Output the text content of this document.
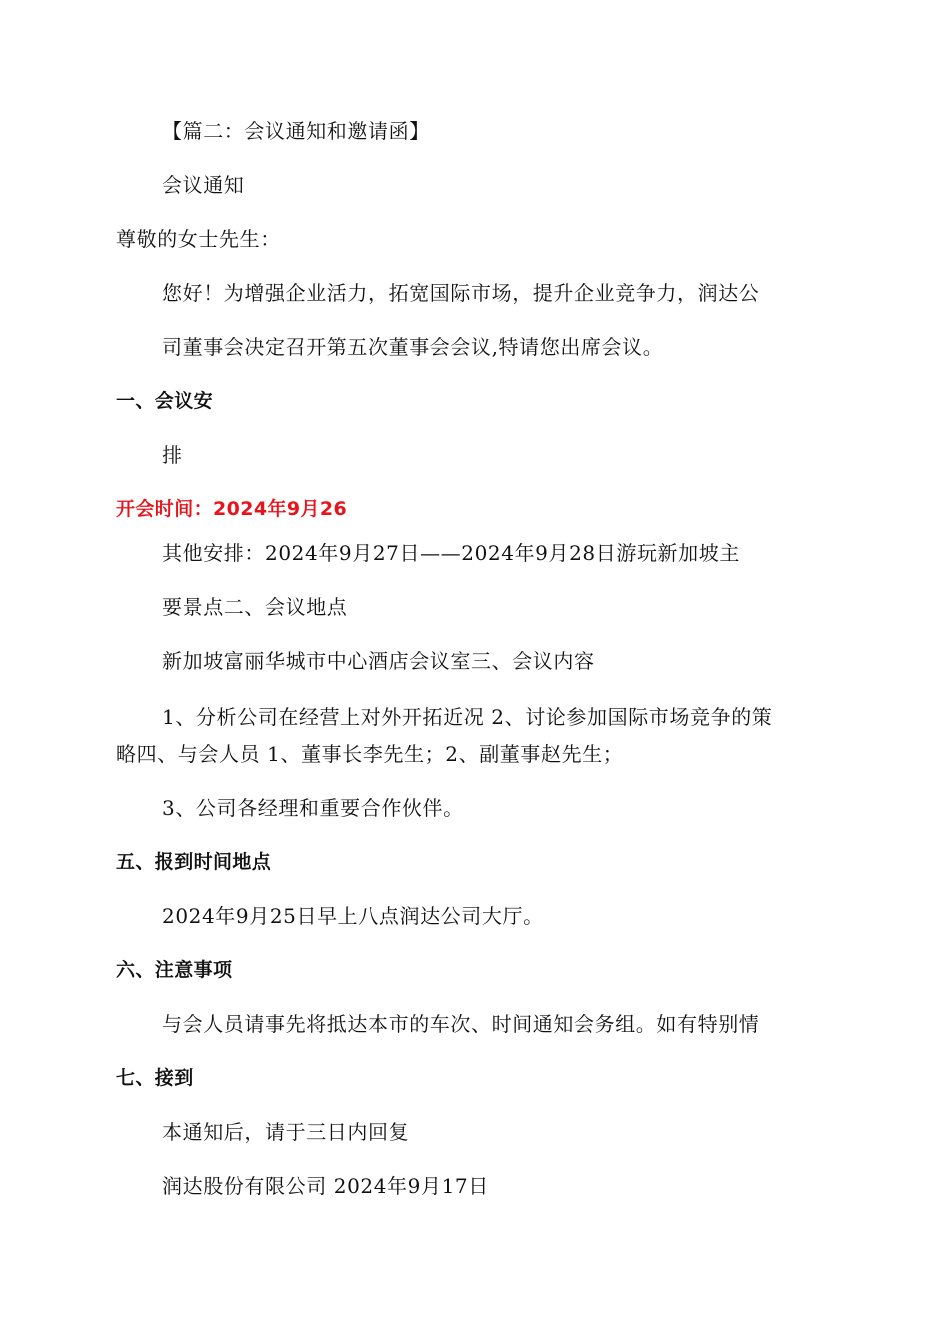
【篇二：会议通知和邀请函】
会议通知
尊敬的女士先生：
您好！为增强企业活力，拓宽国际市场，提升企业竞争力，润达公
司董事会决定召开第五次董事会会议,特请您出席会议。
一、会议安
排
开会时间：2024年9月26
其他安排：2024年9月27日——2024年9月28日游玩新加坡主
要景点二、会议地点
新加坡富丽华城市中心酒店会议室三、会议内容
1、分析公司在经营上对外开拓近况 2、讨论参加国际市场竞争的策
略四、与会人员 1、董事长李先生；2、副董事赵先生；
3、公司各经理和重要合作伙伴。
五、报到时间地点
2024年9月25日早上八点润达公司大厅。
六、注意事项
与会人员请事先将抵达本市的车次、时间通知会务组。如有特别情
七、接到
本通知后，请于三日内回复
润达股份有限公司 2024年9月17日
